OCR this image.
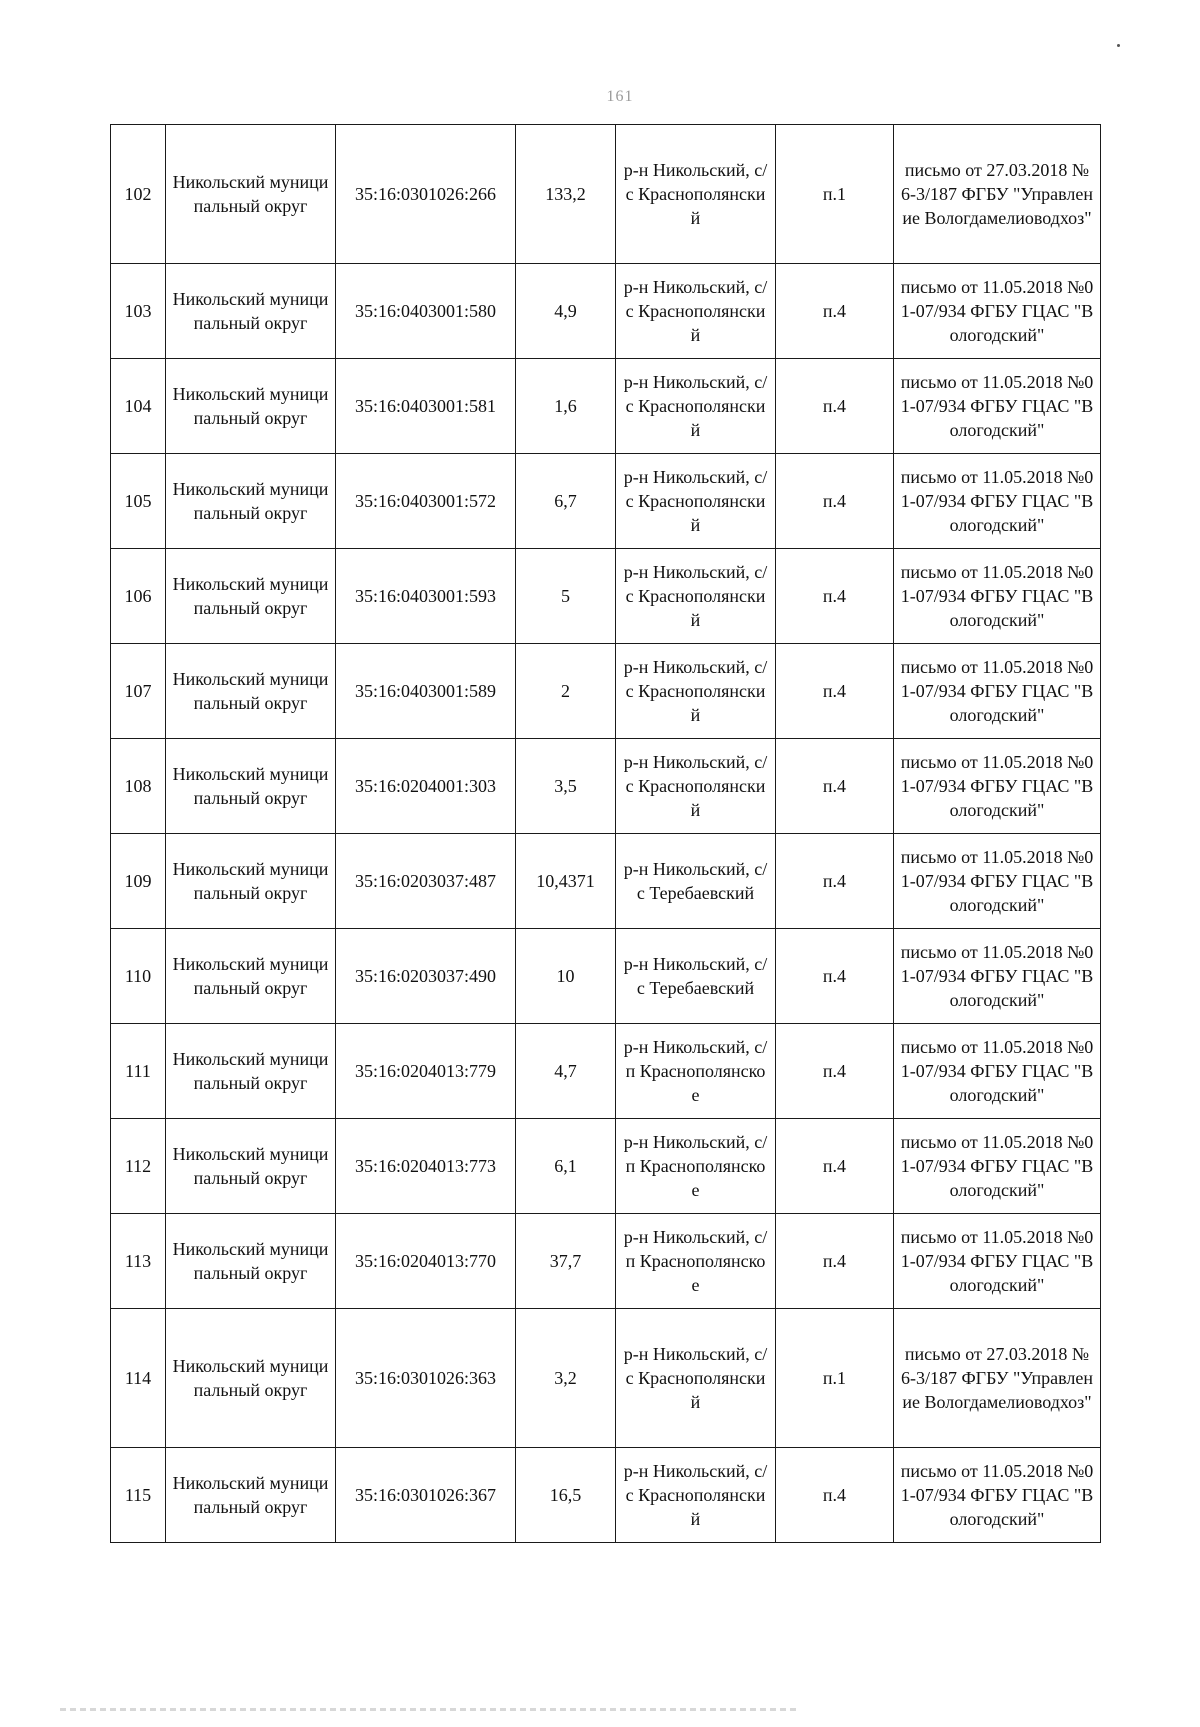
161
102	Никольский муниципальный округ	35:16:0301026:266	133,2	р-н Никольский, с/с Краснополянский	п.1	письмо от 27.03.2018 № 6-3/187 ФГБУ "Управление Вологдамелиоводхоз"
103	Никольский муниципальный округ	35:16:0403001:580	4,9	р-н Никольский, с/с Краснополянский	п.4	письмо от 11.05.2018 №01-07/934 ФГБУ ГЦАС "Вологодский"
104	Никольский муниципальный округ	35:16:0403001:581	1,6	р-н Никольский, с/с Краснополянский	п.4	письмо от 11.05.2018 №01-07/934 ФГБУ ГЦАС "Вологодский"
105	Никольский муниципальный округ	35:16:0403001:572	6,7	р-н Никольский, с/с Краснополянский	п.4	письмо от 11.05.2018 №01-07/934 ФГБУ ГЦАС "Вологодский"
106	Никольский муниципальный округ	35:16:0403001:593	5	р-н Никольский, с/с Краснополянский	п.4	письмо от 11.05.2018 №01-07/934 ФГБУ ГЦАС "Вологодский"
107	Никольский муниципальный округ	35:16:0403001:589	2	р-н Никольский, с/с Краснополянский	п.4	письмо от 11.05.2018 №01-07/934 ФГБУ ГЦАС "Вологодский"
108	Никольский муниципальный округ	35:16:0204001:303	3,5	р-н Никольский, с/с Краснополянский	п.4	письмо от 11.05.2018 №01-07/934 ФГБУ ГЦАС "Вологодский"
109	Никольский муниципальный округ	35:16:0203037:487	10,4371	р-н Никольский, с/с Теребаевский	п.4	письмо от 11.05.2018 №01-07/934 ФГБУ ГЦАС "Вологодский"
110	Никольский муниципальный округ	35:16:0203037:490	10	р-н Никольский, с/с Теребаевский	п.4	письмо от 11.05.2018 №01-07/934 ФГБУ ГЦАС "Вологодский"
111	Никольский муниципальный округ	35:16:0204013:779	4,7	р-н Никольский, с/п Краснополянское	п.4	письмо от 11.05.2018 №01-07/934 ФГБУ ГЦАС "Вологодский"
112	Никольский муниципальный округ	35:16:0204013:773	6,1	р-н Никольский, с/п Краснополянское	п.4	письмо от 11.05.2018 №01-07/934 ФГБУ ГЦАС "Вологодский"
113	Никольский муниципальный округ	35:16:0204013:770	37,7	р-н Никольский, с/п Краснополянское	п.4	письмо от 11.05.2018 №01-07/934 ФГБУ ГЦАС "Вологодский"
114	Никольский муниципальный округ	35:16:0301026:363	3,2	р-н Никольский, с/с Краснополянский	п.1	письмо от 27.03.2018 № 6-3/187 ФГБУ "Управление Вологдамелиоводхоз"
115	Никольский муниципальный округ	35:16:0301026:367	16,5	р-н Никольский, с/с Краснополянский	п.4	письмо от 11.05.2018 №01-07/934 ФГБУ ГЦАС "Вологодский"
